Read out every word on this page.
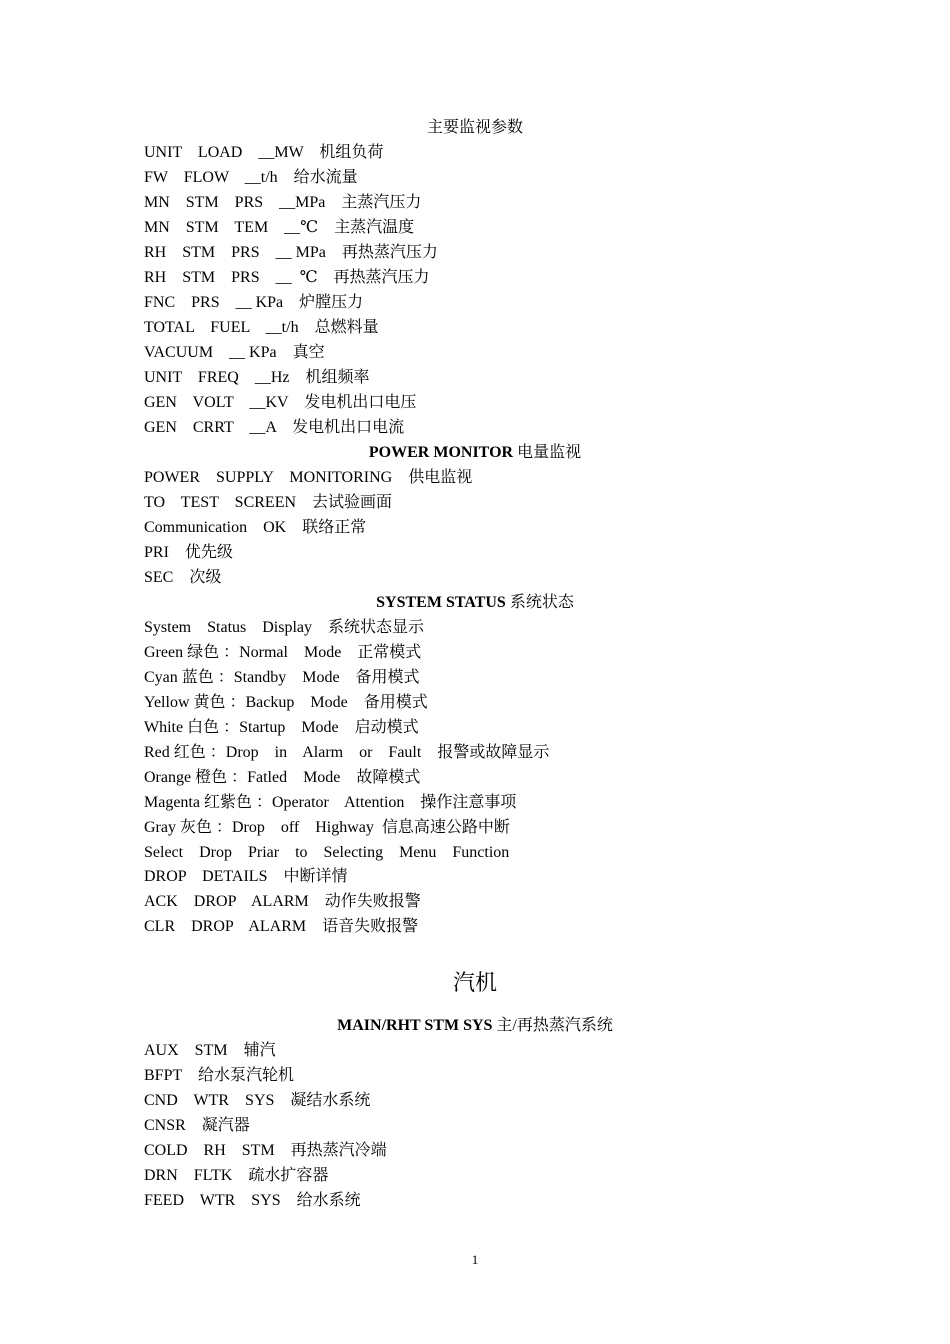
主要监视参数
UNIT    LOAD    __MW    机组负荷
FW    FLOW    __t/h    给水流量
MN    STM    PRS    __MPa    主蒸汽压力
MN    STM    TEM    __℃    主蒸汽温度
RH    STM    PRS    __ MPa    再热蒸汽压力
RH    STM    PRS    __  ℃    再热蒸汽压力
FNC    PRS    __ KPa    炉膛压力
TOTAL    FUEL    __t/h    总燃料量
VACUUM    __ KPa    真空
UNIT    FREQ    __Hz    机组频率
GEN    VOLT    __KV    发电机出口电压
GEN    CRRT    __A    发电机出口电流
POWER MONITOR 电量监视
POWER    SUPPLY    MONITORING    供电监视
TO    TEST    SCREEN    去试验画面
Communication    OK    联络正常
PRI    优先级
SEC    次级
SYSTEM STATUS 系统状态
System    Status    Display    系统状态显示
Green 绿色 ：Normal    Mode    正常模式
Cyan 蓝色 ：Standby    Mode    备用模式
Yellow 黄色 ：Backup    Mode    备用模式
White 白色 ：Startup    Mode    启动模式
Red 红色 ：Drop    in    Alarm    or    Fault    报警或故障显示
Orange 橙色 ：Fatled    Mode    故障模式
Magenta 红紫色 ：Operator    Attention    操作注意事项
Gray 灰色 ：Drop    off    Highway  信息高速公路中断
Select    Drop    Priar    to    Selecting    Menu    Function
DROP    DETAILS    中断详情
ACK    DROP    ALARM    动作失败报警
CLR    DROP    ALARM    语音失败报警
汽机
MAIN/RHT STM SYS 主/再热蒸汽系统
AUX    STM    辅汽
BFPT    给水泵汽轮机
CND    WTR    SYS    凝结水系统
CNSR    凝汽器
COLD    RH    STM    再热蒸汽冷端
DRN    FLTK    疏水扩容器
FEED    WTR    SYS    给水系统
1
